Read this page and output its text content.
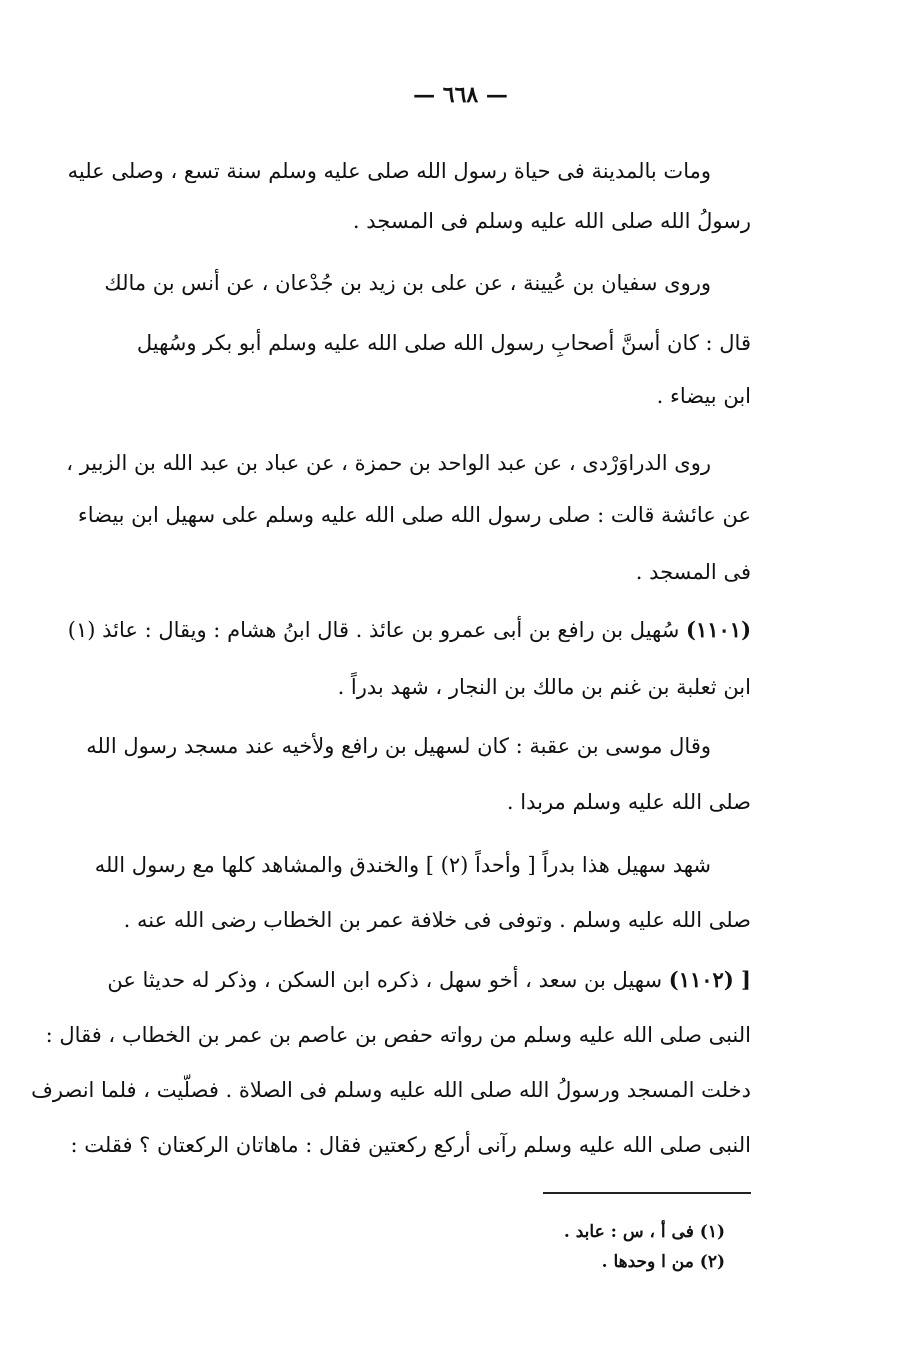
— ٦٦٨ —
ومات بالمدينة فى حياة رسول الله صلى عليه وسلم سنة تسع ، وصلى عليه
رسولُ الله صلى الله عليه وسلم فى المسجد .
وروى سفيان بن عُيينة ، عن على بن زيد بن جُدْعان ، عن أنس بن مالك
قال : كان أسنَّ أصحابِ رسول الله صلى الله عليه وسلم أبو بكر وسُهيل
ابن بيضاء .
روى الدراوَرْدى ، عن عبد الواحد بن حمزة ، عن عباد بن عبد الله بن الزبير ،
عن عائشة قالت : صلى رسول الله صلى الله عليه وسلم على سهيل ابن بيضاء
فى المسجد .
(١١٠١) سُهيل بن رافع بن أبى عمرو بن عائذ . قال ابنُ هشام : ويقال : عائذ (١)
ابن ثعلبة بن غنم بن مالك بن النجار ، شهد بدراً .
وقال موسى بن عقبة : كان لسهيل بن رافع ولأخيه عند مسجد رسول الله
صلى الله عليه وسلم مربدا .
شهد سهيل هذا بدراً [ وأحداً (٢) ] والخندق والمشاهد كلها مع رسول الله
صلى الله عليه وسلم . وتوفى فى خلافة عمر بن الخطاب رضى الله عنه .
[ (١١٠٢) سهيل بن سعد ، أخو سهل ، ذكره ابن السكن ، وذكر له حديثا عن
النبى صلى الله عليه وسلم من رواته حفص بن عاصم بن عمر بن الخطاب ، فقال :
دخلت المسجد ورسولُ الله صلى الله عليه وسلم فى الصلاة . فصلّيت ، فلما انصرف
النبى صلى الله عليه وسلم رآنى أركع ركعتين فقال : ماهاتان الركعتان ؟ فقلت :
(١) فى أ ، س : عابد .
(٢) من ا وحدها .
